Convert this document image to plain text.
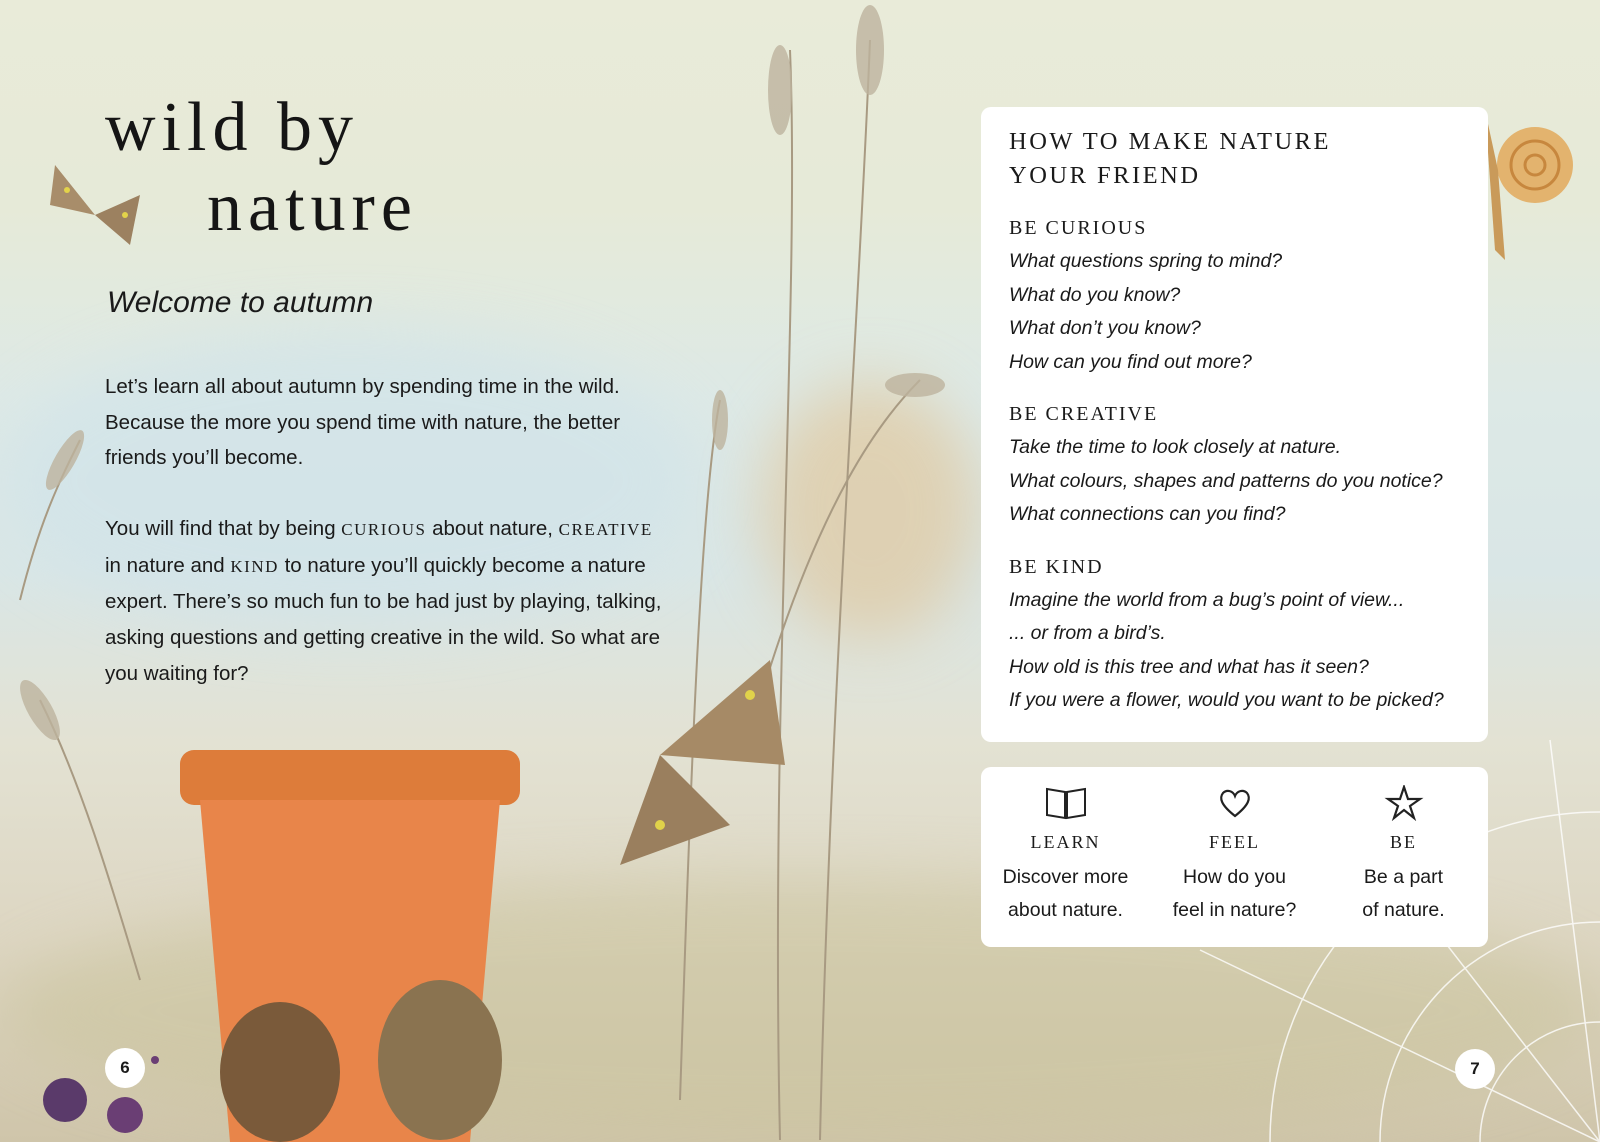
wild by
nature
Welcome to autumn

Let’s learn all about autumn by spending time in the wild. Because the more you spend time with nature, the better friends you’ll become.

You will find that by being CURIOUS about nature, CREATIVE in nature and KIND to nature you’ll quickly become a nature expert. There’s so much fun to be had just by playing, talking, asking questions and getting creative in the wild. So what are you waiting for?

HOW TO MAKE NATURE
YOUR FRIEND
BE CURIOUS
What questions spring to mind?
What do you know?
What don’t you know?
How can you find out more?
BE CREATIVE
Take the time to look closely at nature.
What colours, shapes and patterns do you notice?
What connections can you find?
BE KIND
Imagine the world from a bug’s point of view...
... or from a bird’s.
How old is this tree and what has it seen?
If you were a flower, would you want to be picked?
LEARN
Discover more
about nature.
FEEL
How do you
feel in nature?
BE
Be a part
of nature.
6	7
